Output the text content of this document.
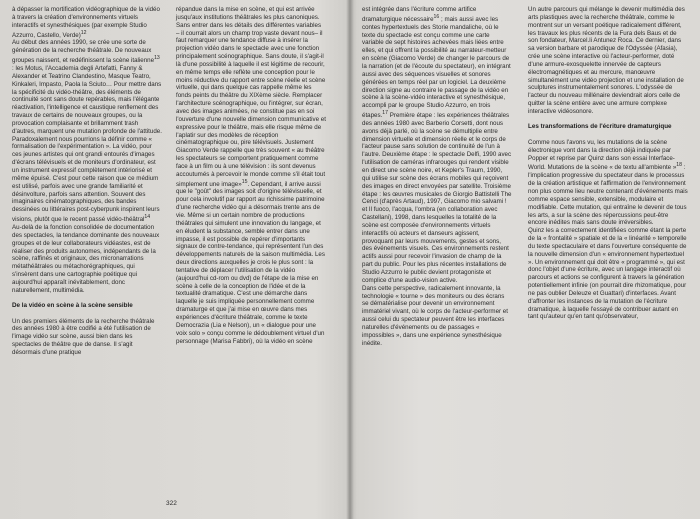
à dépasser la mortification vidéographique de la vidéo à travers la création d'environnements virtuels interactifs et synesthésiques (par exemple Studio Azzurro, Castello, Verde)$^{12}$

Au début des années 1990, se crée une sorte de génération de la recherche théâtrale. De nouveaux groupes naissent, et redéfinissent la scène italienne$^{13}$ : les Motus, l'Accademia degli Artefatti, Fanny & Alexander et Teatrino Clandestino, Masque Teatro, Kinkaleri, Impasto, Paola la Sciuto… Pour mettre dans la spécificité du vidéo-théâtre, des éléments de continuité sont sans doute repérables, mais l'élégante réactivation, l'intelligence et caustique renflement des travaux de certains de nouveaux groupes, ou la provocation complaisante et brillamment trash d'autres, marquent une mutation profonde de l'attitude. Paradoxalement nous pourrions la définir comme « formalisation de l'expérimentation ». La vidéo, pour ces jeunes artistes qui ont grandi entourés d'images d'écrans télévisuels et de moniteurs d'ordinateur, est un instrument expressif complètement intériorisé et même épuisé. C'est pour cette raison que ce médium est utilisé, parfois avec une grande familiarité et désinvolture, parfois sans attention. Souvent des imaginaires cinématographiques, des bandes dessinées ou littéraires post-cyberpunk inspirent leurs visions, plutôt que le recent passé vidéo-théâtral$^{14}$

Au-delà de la fonction consolidée de documentation des spectacles, la tendance dominante des nouveaux groupes et de leur collaborateurs vidéastes, est de réaliser des produits autonomes, indépendants de la scène, raffinés et originaux, des micronarrations métathéâtrales ou métachorégraphiques, qui s'insèrent dans une cartographie poétique qui aujourd'hui apparaît inévitablement, donc naturellement, multimédia.

De la vidéo en scène à la scène sensible

Un des premiers éléments de la recherche théâtrale des années 1980 à être codifié a été l'utilisation de l'image vidéo sur scène, aussi bien dans les spectacles de théâtre que de danse. Il s'agit désormais d'une pratique

répandue dans la mise en scène, et qui est arrivée jusqu'aux institutions théâtrales les plus canoniques. Sans entrer dans les détails des différentes variables – il courrait alors un champ trop vaste devant nous– il faut remarquer une tendance diffuse à insérer la projection vidéo dans le spectacle avec une fonction principalement scénographique. Sans doute, il s'agit-il là d'une possibilité à laquelle il est légitime de recourir, en même temps elle reflète une conception pour le moins réductive du rapport entre scène réelle et scène virtuelle, qui dans quelque cas rappelle même les fonds peints du théâtre du XIXème siècle. Remplacer l'architecture scénographique, ou l'intégrer, sur écran, avec des images animées, ne constitue pas en soi l'ouverture d'une nouvelle dimension communicative et expressive pour le théâtre, mais elle risque même de l'aplatir sur des modèles de réception cinématographique ou, pire télévisuels. Justement Giacomo Verde rappelle que très souvent « au théâtre les spectateurs se comportent pratiquement comme face à un film ou à une télévision : ils sont devenus accoutumés à percevoir le monde comme s'il était tout simplement une image»$^{15}$. Cependant, il arrive aussi que le "goût" des images soit d'origine télévisuelle, et pour cela involutif par rapport au richissime patrimoine d'une recherche vidéo qui a désormais trente ans de vie. Même si un certain nombre de productions théâtrales qui simulent une innovation du langage, et en éludent la substance, semble entrer dans une impasse, il est possible de repérer d'importants signaux de contre-tendance, qui représentent l'un des développements naturels de la saison multimédia. Les deux directions auxquelles je crois le plus sont : la tentative de déplacer l'utilisation de la vidéo (aujourd'hui cd-rom ou dvd) de l'étape de la mise en scène à celle de la conception de l'idée et de la textualité dramatique. C'est une démarche dans laquelle je suis impliquée personnellement comme dramaturge et que j'ai mise en œuvre dans mes expériences d'écriture théâtrale, comme le texte Democrazia (Lia e Nelson), un « dialogue pour une voix solo » conçu comme le dédoublement virtuel d'un personnage (Marisa Fabbri), où la vidéo en scène

322

est intégrée dans l'écriture comme artifice dramaturgique nécessaire$^{16}$ ; mais aussi avec les contes hypertextuels des Storie mandaliche, où le texte du spectacle est conçu comme une carte variable de sept histoires achevées mais liées entre elles, et qui offrent la possibilité au narrateur-metteur en scène (Giacomo Verde) de changer le parcours de la narration (et de l'écoute du spectateur), en intégrant aussi avec des séquences visuelles et sonores générées en temps réel par un logiciel. La deuxième direction signe au contraire le passage de la vidéo en scène à la scène-vidéo interactive et synesthésique, accompli par le groupe Studio Azzurro, en trois étapes.$^{17}$ Première étape : les expériences théâtrales des années 1980 avec Barberio Corsetti, dont nous avons déjà parlé, où la scène se démultiplie entre dimension virtuelle et dimension réelle et le corps de l'acteur pause sans solution de continuité de l'un à l'autre. Deuxième étape : le spectacle Delfi, 1990 avec l'utilisation de caméras infrarouges qui rendent visible en direct une scène noire, et Kepler's Traum, 1990, qui utilise sur scène des écrans mobiles qui reçoivent des images en direct envoyées par satellite. Troisième étape : les œuvres musicales de Giorgio Battistelli The Cenci (d'après Artaud), 1997, Giacomo mio salvami ! et Il fuoco, l'acqua, l'ombra (en collaboration avec Castellani), 1998, dans lesquelles la totalité de la scène est composée d'environnements virtuels interactifs où acteurs et danseurs agissent, provoquant par leurs mouvements, gestes et sons, des événements visuels. Ces environnements restent actifs aussi pour recevoir l'invasion de champ de la part du public. Pour les plus récentes installations de Studio Azzurro le public devient protagoniste et complice d'une audio-vision active.

Dans cette perspective, radicalement innovante, la technologie « tourne » des moniteurs ou des écrans se dématérialise pour devenir un environnement immatériel vivant, où le corps de l'acteur-performer et aussi celui du spectateur peuvent être les interfaces naturelles d'événements ou de passages « impossibles », dans une expérience synesthésique inédite.

Un autre parcours qui mélange le devenir multimédia des arts plastiques avec la recherche théâtrale, comme le montrent sur un versant poétique radicalement différent, les travaux les plus récents de la Fura dels Baus et de son fondateur, Marcel.li Antunez Roca. Ce dernier, dans sa version barbare et parodique de l'Odyssée (Afasia), crée une scène interactive où l'acteur-performer, doté d'une armure-exosquelette innervée de capteurs électromagnétiques et au mercure, manœuvre simultanément une vidéo projection et une installation de sculptures instrumentalement sonores. L'odyssée de l'acteur du nouveau millénaire deviendrait alors celle de quitter la scène entière avec une armure complexe interactive vidéosonore.

Les transformations de l'écriture dramaturgique

Comme nous l'avons vu, les mutations de la scène électronique vont dans la direction déjà indiquée par Popper et reprise par Quinz dans son essai Interface-World. Mutations de la scène « de textu all'ambiente »$^{18}$ : l'implication progressive du spectateur dans le processus de la création artistique et l'affirmation de l'environnement non plus comme lieu neutre contenant d'événements mais comme espace sensible, extensible, modulaire et modifiable. Cette mutation, qui entraîne le devenir de tous les arts, a sur la scène des répercussions peut-être encore inédites mais sans doute irréversibles.

Quinz les a correctement identifiées comme étant la perte de la « frontalité » spatiale et de la « linéarité » temporelle du texte spectaculaire et dans l'ouverture conséquente de la nouvelle dimension d'un « environnement hypertextuel ». Un environnement qui doit être « programmé », qui est donc l'objet d'une écriture, avec un langage interactif où parcours et actions se configurent à travers la génération potentiellement infinie (on pourrait dire rhizomatique, pour ne pas oublier Deleuze et Guattari) d'interfaces. Avant d'affronter les instances de la mutation de l'écriture dramatique, à laquelle l'essayé de contribuer autant en tant qu'auteur qu'en tant qu'observateur,
